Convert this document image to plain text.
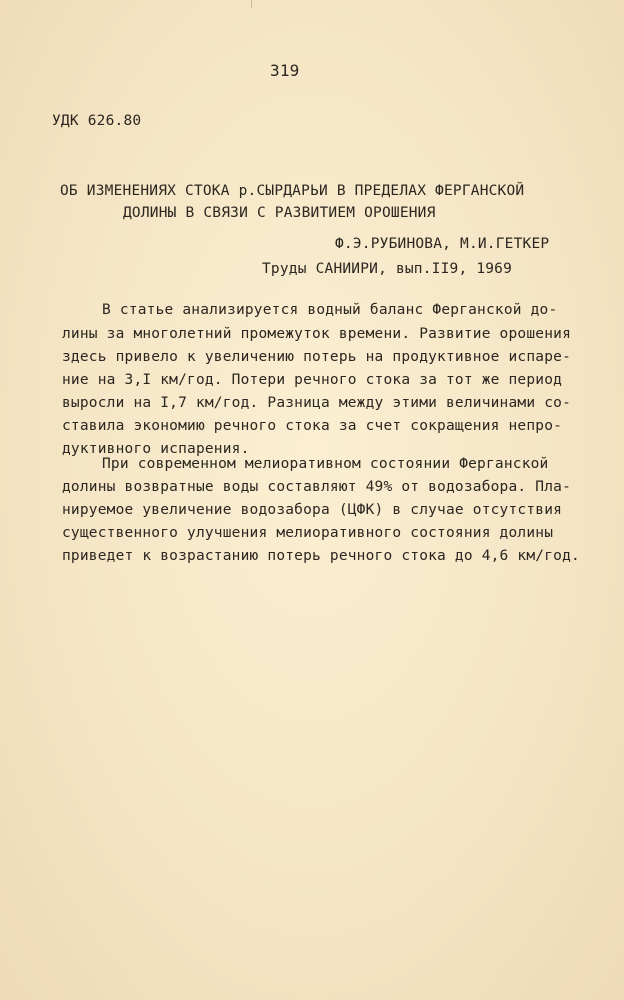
319
УДК 626.80
ОБ ИЗМЕНЕНИЯХ СТОКА р.СЫРДАРЬИ В ПРЕДЕЛАХ ФЕРГАНСКОЙ
ДОЛИНЫ В СВЯЗИ С РАЗВИТИЕМ ОРОШЕНИЯ
Ф.Э.РУБИНОВА, М.И.ГЕТКЕР
Труды САНИИРИ, вып.II9, 1969
В статье анализируется водный баланс Ферганской до-
лины за многолетний промежуток времени. Развитие орошения
здесь привело к увеличению потерь на продуктивное испаре-
ние на 3,I км/год. Потери речного стока за тот же период
выросли на I,7 км/год. Разница между этими величинами со-
ставила экономию речного стока за счет сокращения непро-
дуктивного испарения.
При современном мелиоративном состоянии Ферганской
долины возвратные воды составляют 49% от водозабора. Пла-
нируемое увеличение водозабора (ЦФК) в случае отсутствия
существенного улучшения мелиоративного состояния долины
приведет к возрастанию потерь речного стока до 4,6 км/год.
